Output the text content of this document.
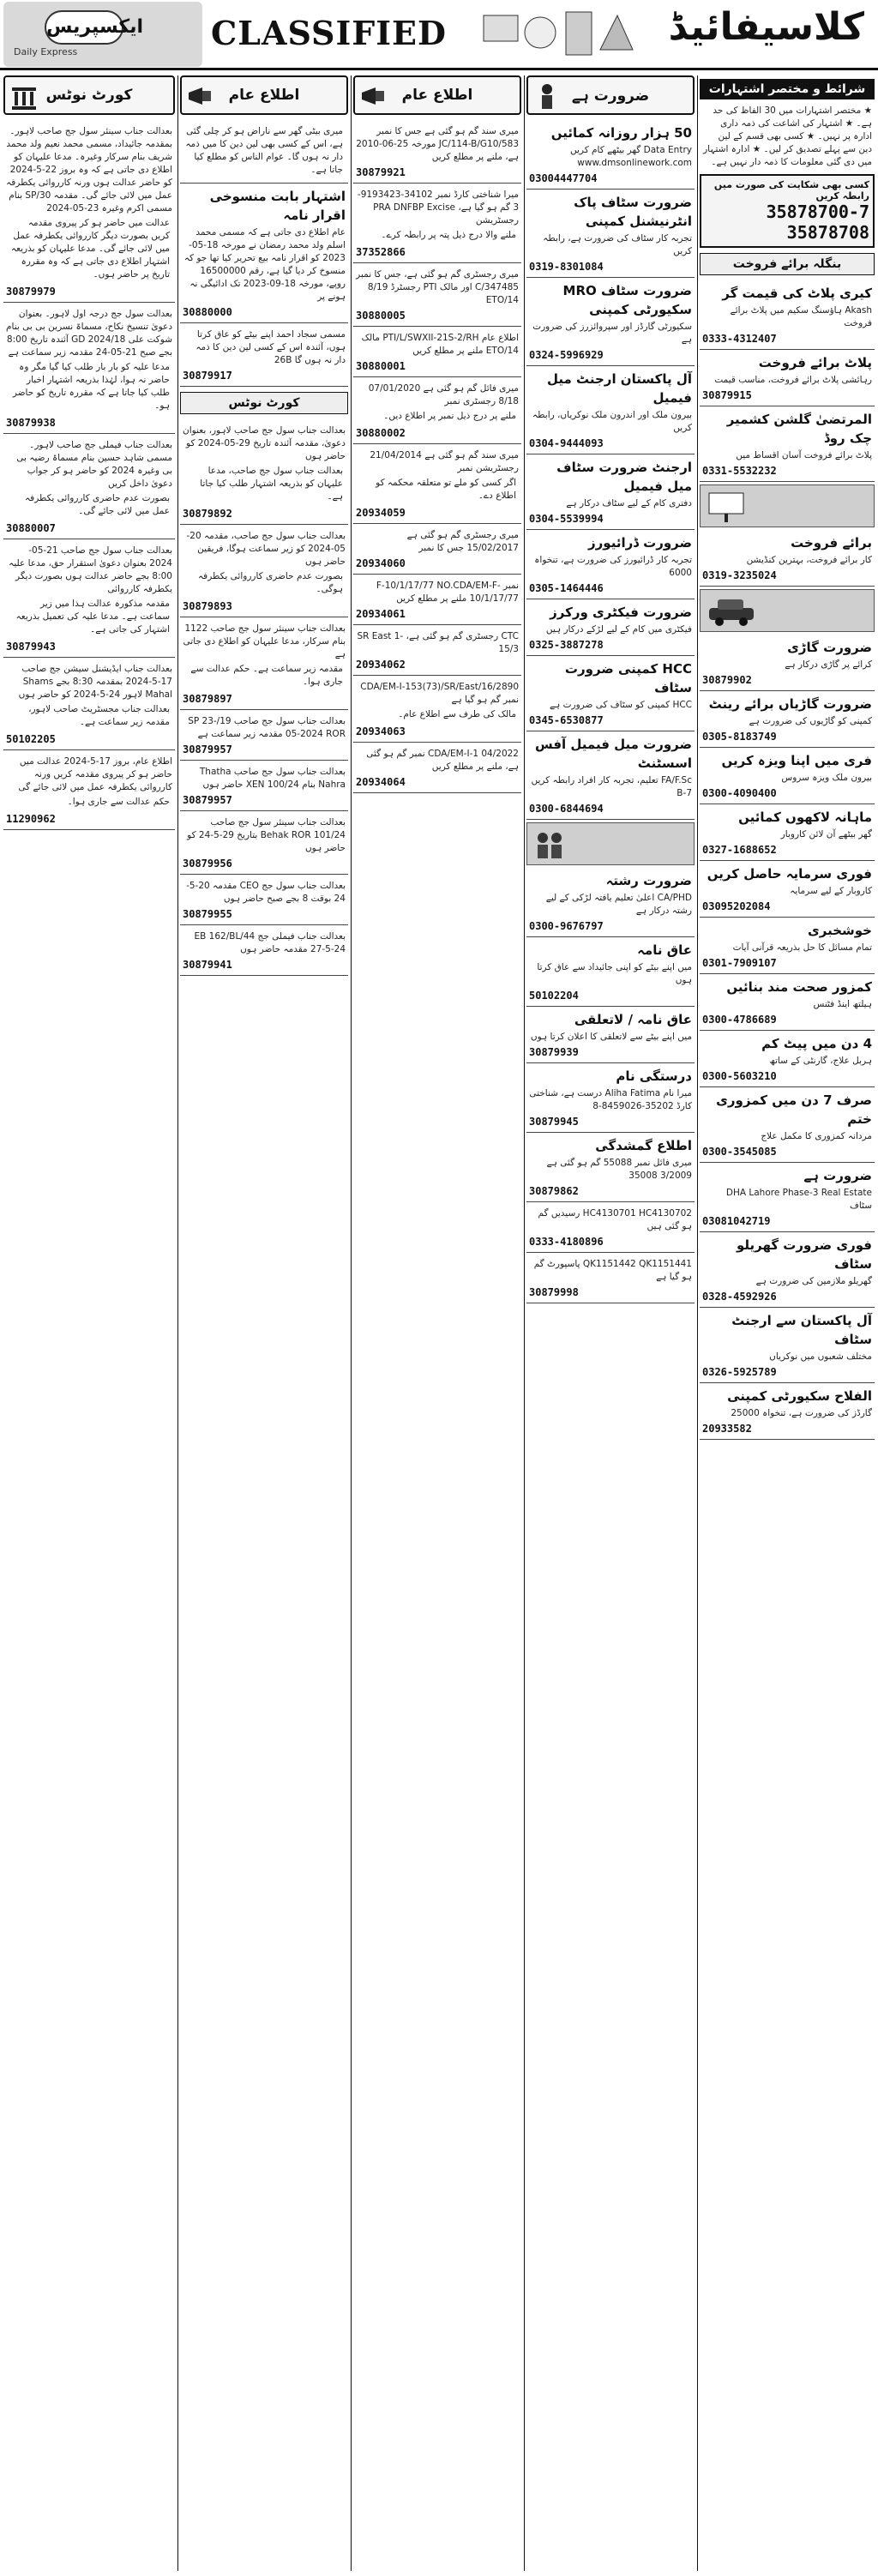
ایکسپریس
Daily Express	CLASSIFIED	کلاسیفائیڈ
کورٹ نوٹس
بعدالت جناب سینئر سول جج صاحب لاہور۔ بمقدمہ جائیداد، مسمی محمد نعیم ولد محمد شریف بنام سرکار وغیرہ۔ مدعا علیہان کو اطلاع دی جاتی ہے کہ وہ بروز 22-5-2024 کو حاضر عدالت ہوں ورنہ کارروائی یکطرفہ عمل میں لائی جائے گی۔ مقدمہ 30/SP بنام مسمی اکرم وغیرہ 23-05-2024
عدالت میں حاضر ہو کر پیروی مقدمہ کریں بصورت دیگر کارروائی یکطرفہ عمل میں لائی جائے گی۔ مدعا علیہان کو بذریعہ اشتہار اطلاع دی جاتی ہے کہ وہ مقررہ تاریخ پر حاضر ہوں۔
30879979
بعدالت سول جج درجہ اول لاہور۔ بعنوان دعویٰ تنسیخ نکاح، مسماۃ نسرین بی بی بنام شوکت علی 18/GD 2024 آئندہ تاریخ 8:00 بجے صبح 21-05-24 مقدمہ زیر سماعت ہے
مدعا علیہ کو بار بار طلب کیا گیا مگر وہ حاضر نہ ہوا، لہٰذا بذریعہ اشتہار اخبار طلب کیا جاتا ہے کہ مقررہ تاریخ کو حاضر ہو۔
30879938
بعدالت جناب فیملی جج صاحب لاہور۔ مسمی شاہد حسین بنام مسماۃ رضیہ بی بی وغیرہ 2024 کو حاضر ہو کر جواب دعویٰ داخل کریں
بصورت عدم حاضری کارروائی یکطرفہ عمل میں لائی جائے گی۔
30880007
بعدالت جناب سول جج صاحب 21-05-2024 بعنوان دعویٰ استقرار حق، مدعا علیہ 8:00 بجے حاضر عدالت ہوں بصورت دیگر یکطرفہ کارروائی
مقدمہ مذکورہ عدالت ہذا میں زیر سماعت ہے۔ مدعا علیہ کی تعمیل بذریعہ اشتہار کی جاتی ہے۔
30879943
بعدالت جناب ایڈیشنل سیشن جج صاحب 17-5-2024 بمقدمہ 8:30 بجے Shams Mahal لاہور 24-5-2024 کو حاضر ہوں
بعدالت جناب مجسٹریٹ صاحب لاہور، مقدمہ زیر سماعت ہے۔
50102205
اطلاع عام، بروز 17-5-2024 عدالت میں حاضر ہو کر پیروی مقدمہ کریں ورنہ کارروائی یکطرفہ عمل میں لائی جائے گی
حکم عدالت سے جاری ہوا۔
11290962
اطلاع عام
میری بیٹی گھر سے ناراض ہو کر چلی گئی ہے، اس کے کسی بھی لین دین کا میں ذمہ دار نہ ہوں گا۔ عوام الناس کو مطلع کیا جاتا ہے۔
اشتہار بابت منسوخی اقرار نامہ
عام اطلاع دی جاتی ہے کہ مسمی محمد اسلم ولد محمد رمضان نے مورخہ 18-05-2023 کو اقرار نامہ بیع تحریر کیا تھا جو کہ منسوخ کر دیا گیا ہے، رقم 16500000 روپے، مورخہ 18-09-2023 تک ادائیگی نہ ہونے پر
30880000
مسمی سجاد احمد اپنے بیٹے کو عاق کرتا ہوں، آئندہ اس کے کسی لین دین کا ذمہ دار نہ ہوں گا 26B
30879917
کورٹ نوٹس
بعدالت جناب سول جج صاحب لاہور، بعنوان دعویٰ، مقدمہ آئندہ تاریخ 29-05-2024 کو حاضر ہوں
بعدالت جناب سول جج صاحب، مدعا علیہان کو بذریعہ اشتہار طلب کیا جاتا ہے۔
30879892
بعدالت جناب سول جج صاحب، مقدمہ 20-05-2024 کو زیر سماعت ہوگا، فریقین حاضر ہوں
بصورت عدم حاضری کارروائی یکطرفہ ہوگی۔
30879893
بعدالت جناب سینئر سول جج صاحب 1122 بنام سرکار، مدعا علیہان کو اطلاع دی جاتی ہے
مقدمہ زیر سماعت ہے۔ حکم عدالت سے جاری ہوا۔
30879897
بعدالت جناب سول جج صاحب 19/SP 23-05-2024 ROR مقدمہ زیر سماعت ہے
30879957
بعدالت جناب سول جج صاحب Thatha Nahra بنام XEN 100/24 حاضر ہوں
30879957
بعدالت جناب سینئر سول جج صاحب Behak ROR 101/24 بتاریخ 29-5-24 کو حاضر ہوں
30879956
بعدالت جناب سول جج CEO مقدمہ 20-5-24 بوقت 8 بجے صبح حاضر ہوں
30879955
بعدالت جناب فیملی جج 44/EB 162/BL 27-5-24 مقدمہ حاضر ہوں
30879941
اطلاع عام
میری سند گم ہو گئی ہے جس کا نمبر 583/JC/114-B/G10 مورخہ 25-06-2010 ہے، ملنے پر مطلع کریں
30879921
میرا شناختی کارڈ نمبر 34102-9193423-3 گم ہو گیا ہے، PRA DNFBP Excise رجسٹریشن
ملنے والا درج ذیل پتہ پر رابطہ کرے۔
37352866
میری رجسٹری گم ہو گئی ہے، جس کا نمبر 347485/C اور مالک PTI رجسٹرڈ 8/19 ETO/14
30880005
اطلاع عام PTI/L/SWXII-21S-2/RH مالک ETO/14 ملنے پر مطلع کریں
30880001
میری فائل گم ہو گئی ہے 07/01/2020 8/18 رجسٹری نمبر
ملنے پر درج ذیل نمبر پر اطلاع دیں۔
30880002
میری سند گم ہو گئی ہے 21/04/2014 رجسٹریشن نمبر
اگر کسی کو ملے تو متعلقہ محکمہ کو اطلاع دے۔
20934059
میری رجسٹری گم ہو گئی ہے 15/02/2017 جس کا نمبر
20934060
نمبر F-10/1/17/77 NO.CDA/EM-F-10/1/17/77 ملنے پر مطلع کریں
20934061
CTC رجسٹری گم ہو گئی ہے، SR East 1-15/3
20934062
CDA/EM-I-153(73)/SR/East/16/2890 نمبر گم ہو گیا ہے
مالک کی طرف سے اطلاع عام۔
20934063
CDA/EM-I-1 04/2022 نمبر گم ہو گئی ہے، ملنے پر مطلع کریں
20934064
ضرورت ہے
50 ہزار روزانہ کمائیں
Data Entry گھر بیٹھے کام کریں www.dmsonlinework.com
03004447704
ضرورت سٹاف پاک انٹرنیشنل کمپنی
تجربہ کار سٹاف کی ضرورت ہے، رابطہ کریں
0319-8301084
ضرورت سٹاف MRO سکیورٹی کمپنی
سکیورٹی گارڈز اور سپروائزرز کی ضرورت ہے
0324-5996929
آل پاکستان ارجنٹ میل فیمیل
بیرون ملک اور اندرون ملک نوکریاں، رابطہ کریں
0304-9444093
ارجنٹ ضرورت سٹاف میل فیمیل
دفتری کام کے لیے سٹاف درکار ہے
0304-5539994
ضرورت ڈرائیورز
تجربہ کار ڈرائیورز کی ضرورت ہے، تنخواہ 6000
0305-1464446
ضرورت فیکٹری ورکرز
فیکٹری میں کام کے لیے لڑکے درکار ہیں
0325-3887278
HCC کمپنی ضرورت سٹاف
HCC کمپنی کو سٹاف کی ضرورت ہے
0345-6530877
ضرورت میل فیمیل آفس اسسٹنٹ
FA/F.Sc تعلیم، تجربہ کار افراد رابطہ کریں 7-B
0300-6844694
ضرورت رشتہ
CA/PHD اعلیٰ تعلیم یافتہ لڑکی کے لیے رشتہ درکار ہے
0300-9676797
عاق نامہ
میں اپنے بیٹے کو اپنی جائیداد سے عاق کرتا ہوں
50102204
عاق نامہ / لاتعلقی
میں اپنے بیٹے سے لاتعلقی کا اعلان کرتا ہوں
30879939
درستگی نام
میرا نام Aliha Fatima درست ہے، شناختی کارڈ 35202-8459026-8
30879945
اطلاع گمشدگی
میری فائل نمبر 55088 گم ہو گئی ہے 3/2009 35008
30879862
HC4130701 HC4130702 رسیدیں گم ہو گئی ہیں
0333-4180896
QK1151442 QK1151441 پاسپورٹ گم ہو گیا ہے
30879998
شرائط و مختصر اشتہارات
★ مختصر اشتہارات میں 30 الفاظ کی حد ہے۔ ★ اشتہار کی اشاعت کی ذمہ داری ادارہ پر نہیں۔ ★ کسی بھی قسم کے لین دین سے پہلے تصدیق کر لیں۔ ★ ادارہ اشتہار میں دی گئی معلومات کا ذمہ دار نہیں ہے۔
کسی بھی شکایت کی صورت میں رابطہ کریں
35878700-7
35878708
بنگلہ برائے فروخت
کیری پلاٹ کی قیمت گر
Akash ہاؤسنگ سکیم میں پلاٹ برائے فروخت
0333-4312407
پلاٹ برائے فروخت
رہائشی پلاٹ برائے فروخت، مناسب قیمت
30879915
المرتضیٰ گلشن کشمیر چک روڈ
پلاٹ برائے فروخت آسان اقساط میں
0331-5532232
برائے فروخت
کار برائے فروخت، بہترین کنڈیشن
0319-3235024
ضرورت گاڑی
کرائے پر گاڑی درکار ہے
30879902
ضرورت گاڑیاں برائے رینٹ
کمپنی کو گاڑیوں کی ضرورت ہے
0305-8183749
فری میں اپنا ویزہ کریں
بیرون ملک ویزہ سروس
0300-4090400
ماہانہ لاکھوں کمائیں
گھر بیٹھے آن لائن کاروبار
0327-1688652
فوری سرمایہ حاصل کریں
کاروبار کے لیے سرمایہ
03095202084
خوشخبری
تمام مسائل کا حل بذریعہ قرآنی آیات
0301-7909107
کمزور صحت مند بنائیں
ہیلتھ اینڈ فٹنس
0300-4786689
4 دن میں پیٹ کم
ہربل علاج، گارنٹی کے ساتھ
0300-5603210
صرف 7 دن میں کمزوری ختم
مردانہ کمزوری کا مکمل علاج
0300-3545085
ضرورت ہے
DHA Lahore Phase-3 Real Estate سٹاف
03081042719
فوری ضرورت گھریلو سٹاف
گھریلو ملازمین کی ضرورت ہے
0328-4592926
آل پاکستان سے ارجنٹ سٹاف
مختلف شعبوں میں نوکریاں
0326-5925789
الفلاح سکیورٹی کمپنی
گارڈز کی ضرورت ہے، تنخواہ 25000
20933582
